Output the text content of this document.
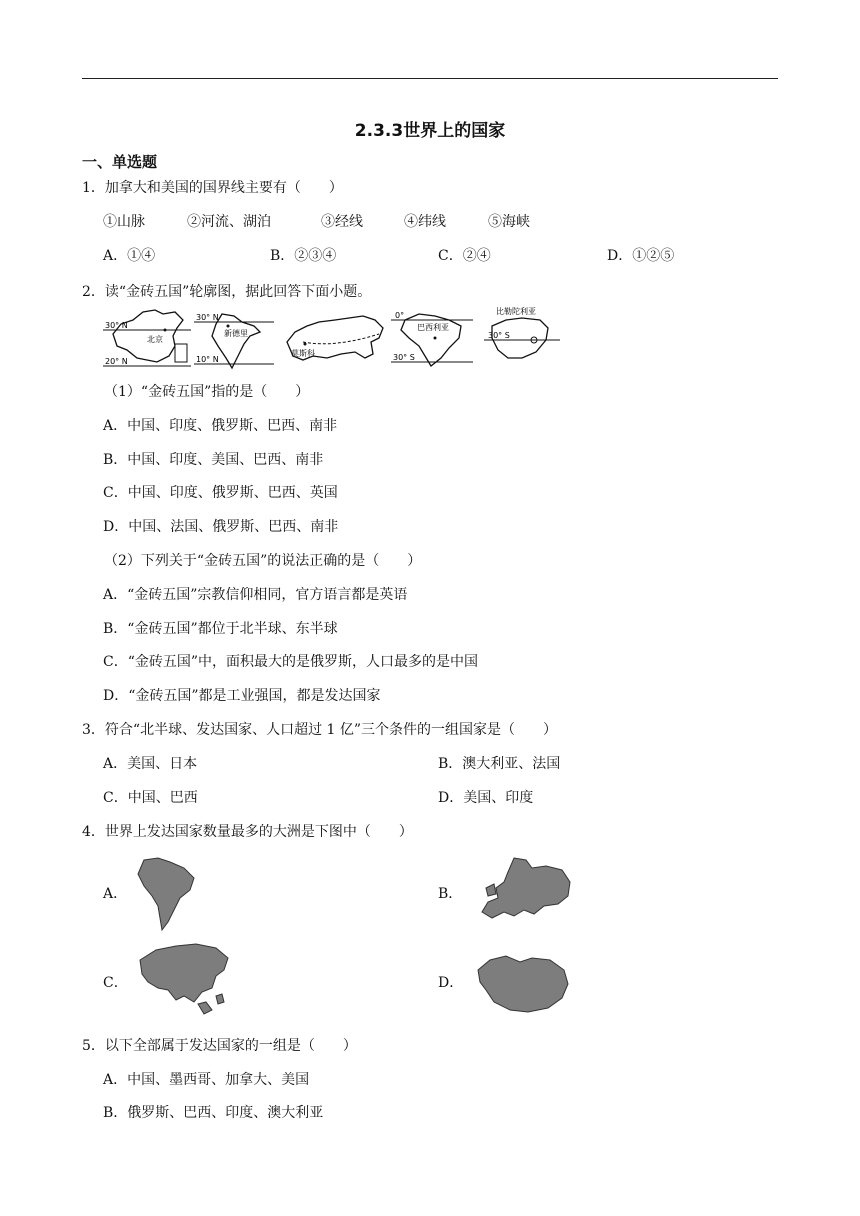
2.3.3世界上的国家
一、单选题
1．加拿大和美国的国界线主要有（　　）
①山脉	②河流、湖泊	③经线	④纬线	⑤海峡
A．①④	B．②③④	C．②④	D．①②⑤
2．读“金砖五国”轮廓图，据此回答下面小题。
30° N
20° N
北京
30° N
10° N
新德里
莫斯科
0°
30° S
巴西利亚
30° S
比勒陀利亚
（1）“金砖五国”指的是（　　）
A．中国、印度、俄罗斯、巴西、南非
B．中国、印度、美国、巴西、南非
C．中国、印度、俄罗斯、巴西、英国
D．中国、法国、俄罗斯、巴西、南非
（2）下列关于“金砖五国”的说法正确的是（　　）
A．“金砖五国”宗教信仰相同，官方语言都是英语
B．“金砖五国”都位于北半球、东半球
C．“金砖五国”中，面积最大的是俄罗斯，人口最多的是中国
D．“金砖五国”都是工业强国，都是发达国家
3．符合“北半球、发达国家、人口超过 1 亿”三个条件的一组国家是（　　）
A．美国、日本	B．澳大利亚、法国
C．中国、巴西	D．美国、印度
4．世界上发达国家数量最多的大洲是下图中（　　）
A．	B．
C．	D．
5．以下全部属于发达国家的一组是（　　）
A．中国、墨西哥、加拿大、美国
B．俄罗斯、巴西、印度、澳大利亚
